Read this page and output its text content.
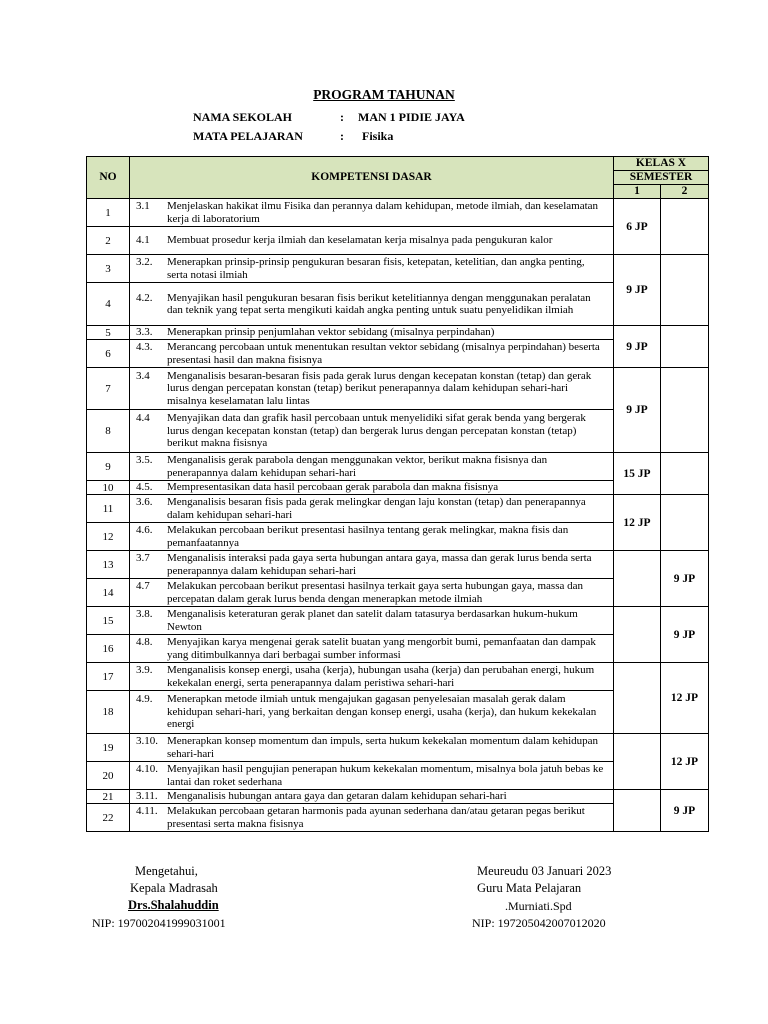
PROGRAM TAHUNAN
NAMA SEKOLAH	: MAN 1 PIDIE JAYA
MATA PELAJARAN	: Fisika
NO	KOMPETENSI DASAR	KELAS X	
		SEMESTER	
		1	2
1	3.1 Menjelaskan hakikat ilmu Fisika dan perannya dalam kehidupan, metode ilmiah, dan keselamatan kerja di laboratorium	6 JP	
2	4.1 Membuat prosedur kerja ilmiah dan keselamatan kerja misalnya pada pengukuran kalor		
3	3.2. Menerapkan prinsip-prinsip pengukuran besaran fisis, ketepatan, ketelitian, dan angka penting, serta notasi ilmiah	9 JP	
4	4.2. Menyajikan hasil pengukuran besaran fisis berikut ketelitiannya dengan menggunakan peralatan dan teknik yang tepat serta mengikuti kaidah angka penting untuk suatu penyelidikan ilmiah		
5	3.3. Menerapkan prinsip penjumlahan vektor sebidang (misalnya perpindahan)	9 JP	
6	4.3. Merancang percobaan untuk menentukan resultan vektor sebidang (misalnya perpindahan) beserta presentasi hasil dan makna fisisnya		
7	3.4 Menganalisis besaran-besaran fisis pada gerak lurus dengan kecepatan konstan (tetap) dan gerak lurus dengan percepatan konstan (tetap) berikut penerapannya dalam kehidupan sehari-hari misalnya keselamatan lalu lintas	9 JP	
8	4.4 Menyajikan data dan grafik hasil percobaan untuk menyelidiki sifat gerak benda yang bergerak lurus dengan kecepatan konstan (tetap) dan bergerak lurus dengan percepatan konstan (tetap) berikut makna fisisnya		
9	3.5. Menganalisis gerak parabola dengan menggunakan vektor, berikut makna fisisnya dan penerapannya dalam kehidupan sehari-hari	15 JP	
10	4.5. Mempresentasikan data hasil percobaan gerak parabola dan makna fisisnya		
11	3.6. Menganalisis besaran fisis pada gerak melingkar dengan laju konstan (tetap) dan penerapannya dalam kehidupan sehari-hari	12 JP	
12	4.6. Melakukan percobaan berikut presentasi hasilnya tentang gerak melingkar, makna fisis dan pemanfaatannya		
13	3.7 Menganalisis interaksi pada gaya serta hubungan antara gaya, massa dan gerak lurus benda serta penerapannya dalam kehidupan sehari-hari		9 JP
14	4.7 Melakukan percobaan berikut presentasi hasilnya terkait gaya serta hubungan gaya, massa dan percepatan dalam gerak lurus benda dengan menerapkan metode ilmiah		
15	3.8. Menganalisis keteraturan gerak planet dan satelit dalam tatasurya berdasarkan hukum-hukum Newton		9 JP
16	4.8. Menyajikan karya mengenai gerak satelit buatan yang mengorbit bumi, pemanfaatan dan dampak yang ditimbulkannya dari berbagai sumber informasi		
17	3.9. Menganalisis konsep energi, usaha (kerja), hubungan usaha (kerja) dan perubahan energi, hukum kekekalan energi, serta penerapannya dalam peristiwa sehari-hari		12 JP
18	4.9. Menerapkan metode ilmiah untuk mengajukan gagasan penyelesaian masalah gerak dalam kehidupan sehari-hari, yang berkaitan dengan konsep energi, usaha (kerja), dan hukum kekekalan energi		
19	3.10. Menerapkan konsep momentum dan impuls, serta hukum kekekalan momentum dalam kehidupan sehari-hari		12 JP
20	4.10. Menyajikan hasil pengujian penerapan hukum kekekalan momentum, misalnya bola jatuh bebas ke lantai dan roket sederhana		
21	3.11. Menganalisis hubungan antara gaya dan getaran dalam kehidupan sehari-hari		9 JP
22	4.11. Melakukan percobaan getaran harmonis pada ayunan sederhana dan/atau getaran pegas berikut presentasi serta makna fisisnya		
Mengetahui,
Kepala Madrasah
Drs.Shalahuddin
NIP: 197002041999031001
Meureudu 03 Januari 2023
Guru Mata Pelajaran
.Murniati.Spd
NIP: 197205042007012020
